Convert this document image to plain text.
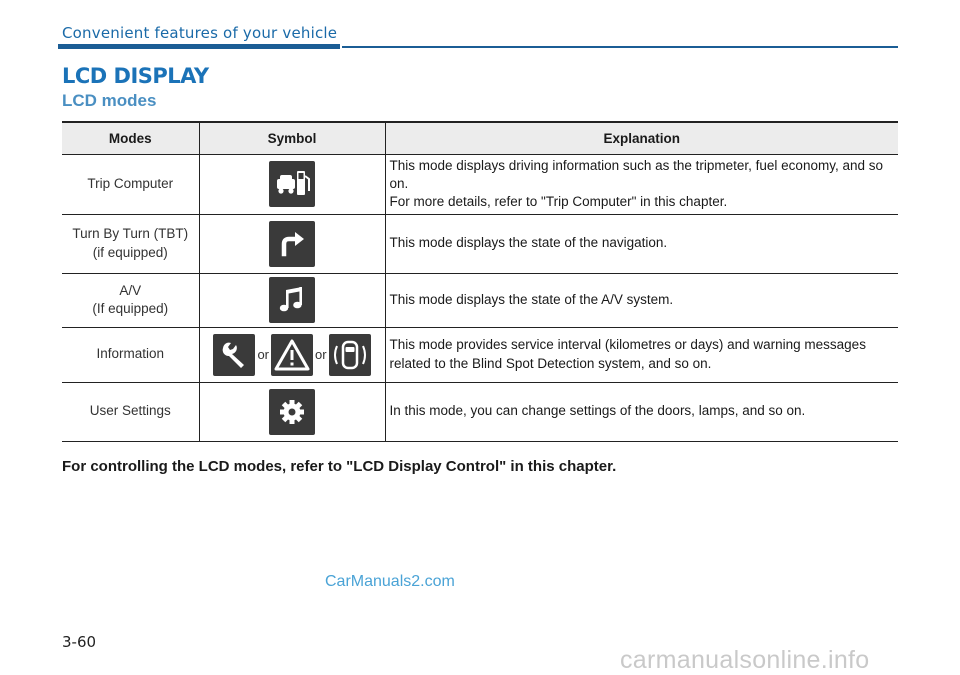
Convenient features of your vehicle
LCD DISPLAY
LCD modes
Modes	Symbol	Explanation

Trip Computer		This mode displays driving information such as the tripmeter, fuel economy, and so on.
For more details, refer to "Trip Computer" in this chapter.

Turn By Turn (TBT)
(if equipped)		This mode displays the state of the navigation.

A/V
(If equipped)		This mode displays the state of the A/V system.

Information	or or	This mode provides service interval (kilometres or days) and warning messages related to the Blind Spot Detection system, and so on.

User Settings		In this mode, you can change settings of the doors, lamps, and so on.

For controlling the LCD modes, refer to "LCD Display Control" in this chapter.

CarManuals2.com
3-60
carmanualsonline.info
